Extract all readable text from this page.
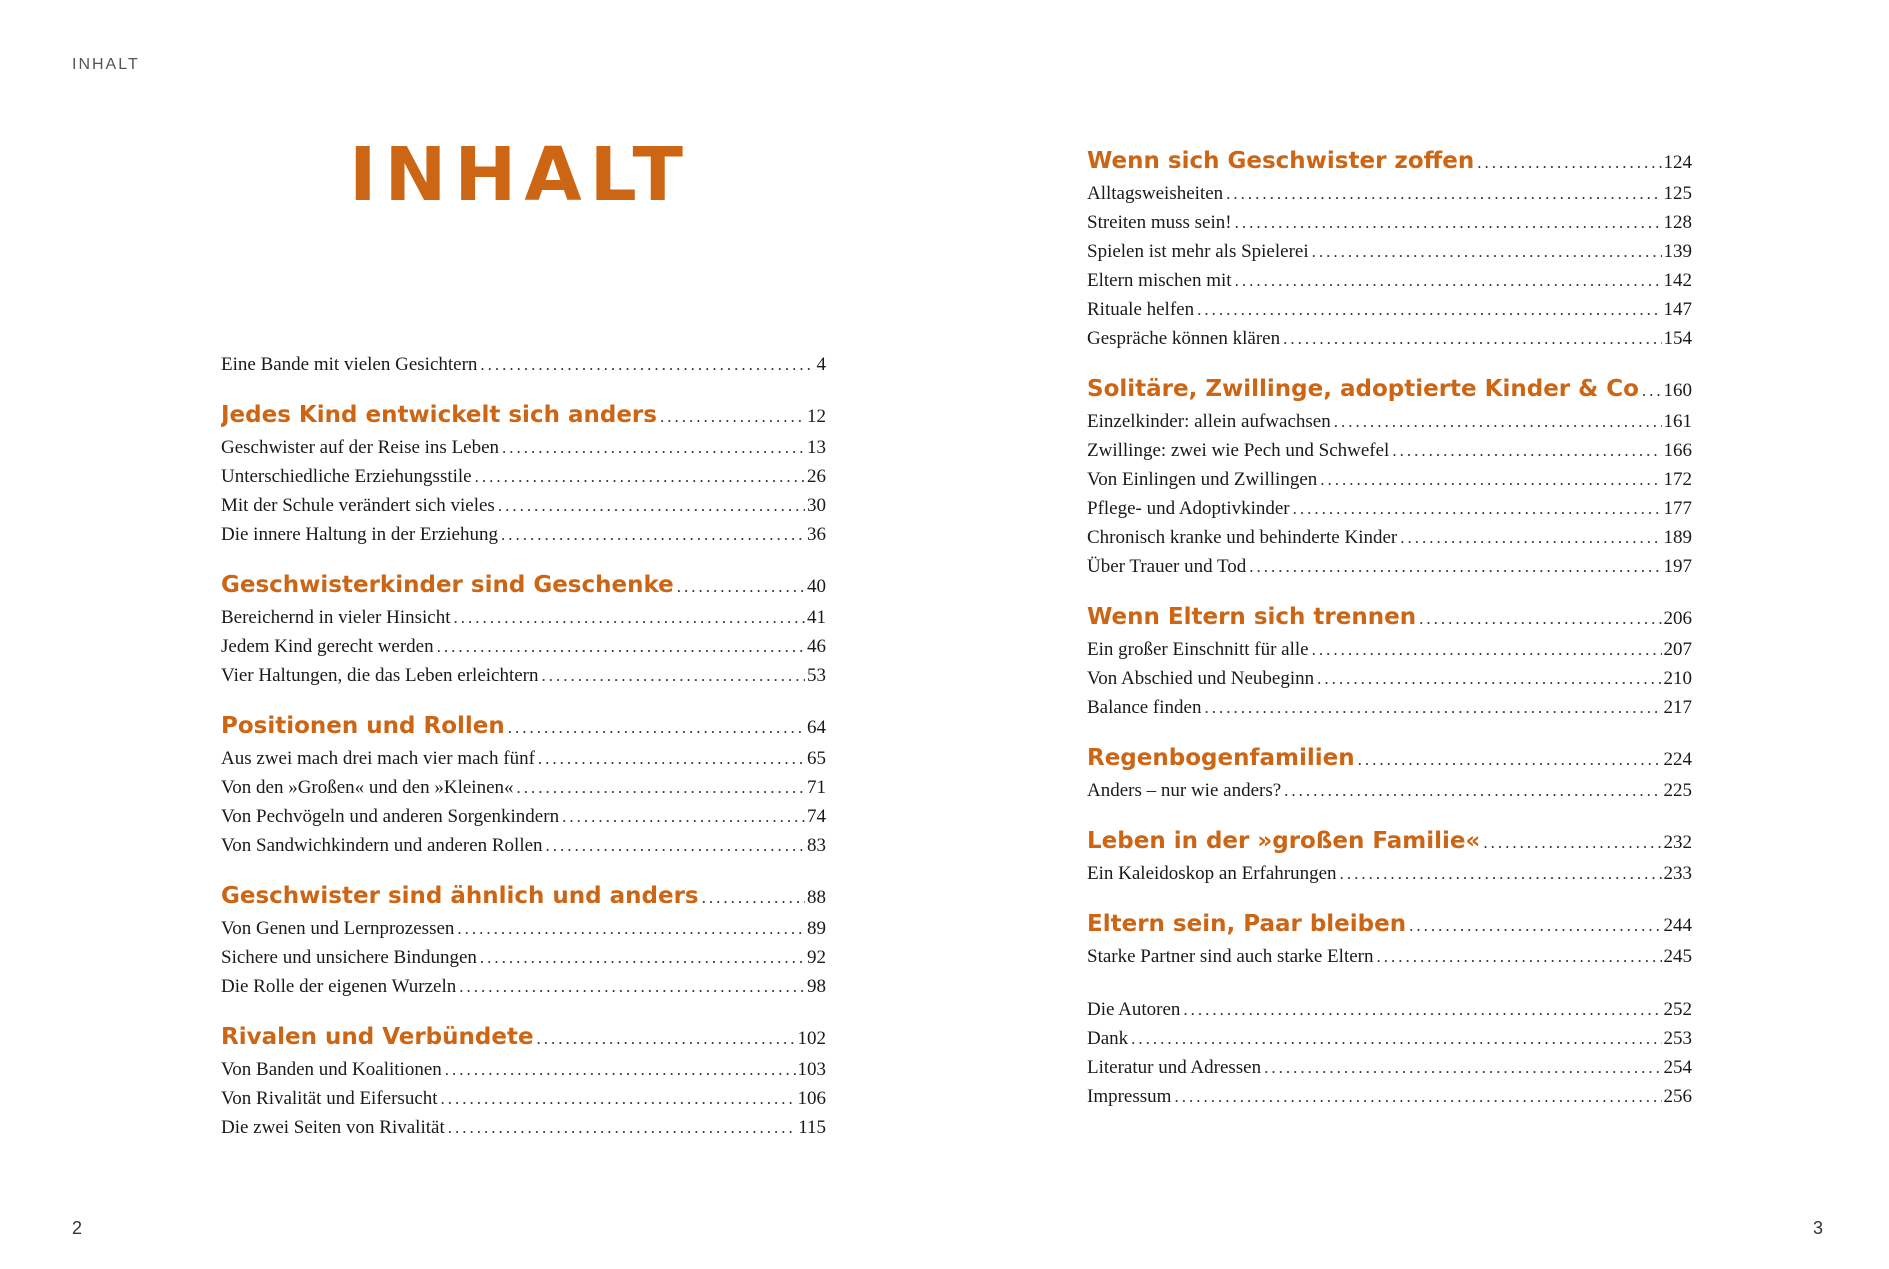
INHALT
INHALT
Eine Bande mit vielen Gesichtern .....	4
Jedes Kind entwickelt sich anders .....	12
Geschwister auf der Reise ins Leben .....	13
Unterschiedliche Erziehungsstile .....	26
Mit der Schule verändert sich vieles .....	30
Die innere Haltung in der Erziehung .....	36
Geschwisterkinder sind Geschenke .....	40
Bereichernd in vieler Hinsicht .....	41
Jedem Kind gerecht werden .....	46
Vier Haltungen, die das Leben erleichtern .....	53
Positionen und Rollen .....	64
Aus zwei mach drei mach vier mach fünf .....	65
Von den »Großen« und den »Kleinen« .....	71
Von Pechvögeln und anderen Sorgenkindern .....	74
Von Sandwichkindern und anderen Rollen .....	83
Geschwister sind ähnlich und anders .....	88
Von Genen und Lernprozessen .....	89
Sichere und unsichere Bindungen .....	92
Die Rolle der eigenen Wurzeln .....	98
Rivalen und Verbündete .....	102
Von Banden und Koalitionen .....	103
Von Rivalität und Eifersucht .....	106
Die zwei Seiten von Rivalität .....	115
Wenn sich Geschwister zoffen .....	124
Alltagsweisheiten .....	125
Streiten muss sein! .....	128
Spielen ist mehr als Spielerei .....	139
Eltern mischen mit .....	142
Rituale helfen .....	147
Gespräche können klären .....	154
Solitäre, Zwillinge, adoptierte Kinder & Co ..... 160
Einzelkinder: allein aufwachsen .....	161
Zwillinge: zwei wie Pech und Schwefel .....	166
Von Einlingen und Zwillingen .....	172
Pflege- und Adoptivkinder .....	177
Chronisch kranke und behinderte Kinder .....	189
Über Trauer und Tod .....	197
Wenn Eltern sich trennen .....	206
Ein großer Einschnitt für alle .....	207
Von Abschied und Neubeginn .....	210
Balance finden .....	217
Regenbogenfamilien .....	224
Anders – nur wie anders? .....	225
Leben in der »großen Familie« .....	232
Ein Kaleidoskop an Erfahrungen .....	233
Eltern sein, Paar bleiben .....	244
Starke Partner sind auch starke Eltern .....	245
Die Autoren .....	252
Dank .....	253
Literatur und Adressen .....	254
Impressum .....	256
2	3
